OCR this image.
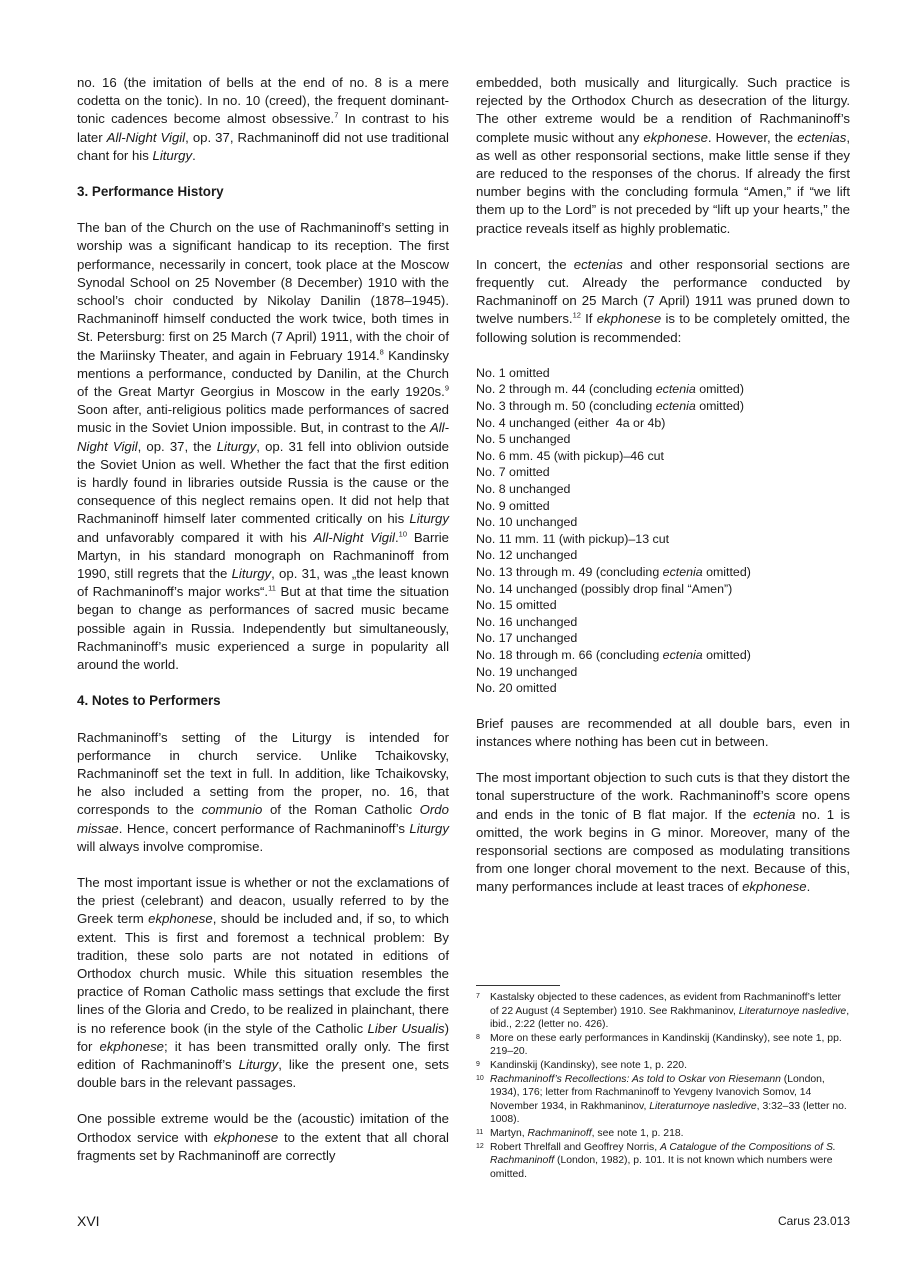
no. 16 (the imitation of bells at the end of no. 8 is a mere codetta on the tonic). In no. 10 (creed), the frequent dominant-tonic cadences become almost obsessive.$^7$ In contrast to his later All-Night Vigil, op. 37, Rachmaninoff did not use traditional chant for his Liturgy.

3. Performance History

The ban of the Church on the use of Rachmaninoff’s setting in worship was a significant handicap to its reception. The first performance, necessarily in concert, took place at the Moscow Synodal School on 25 November (8 December) 1910 with the school’s choir conducted by Nikolay Danilin (1878–1945). Rachmaninoff himself conducted the work twice, both times in St. Petersburg: first on 25 March (7 April) 1911, with the choir of the Mariinsky Theater, and again in February 1914.$^8$ Kandinsky mentions a performance, conducted by Danilin, at the Church of the Great Martyr Georgius in Moscow in the early 1920s.$^9$ Soon after, anti-religious politics made performances of sacred music in the Soviet Union impossible. But, in contrast to the All-Night Vigil, op. 37, the Liturgy, op. 31 fell into oblivion outside the Soviet Union as well. Whether the fact that the first edition is hardly found in libraries outside Russia is the cause or the consequence of this neglect remains open. It did not help that Rachmaninoff himself later commented critically on his Liturgy and unfavorably compared it with his All-Night Vigil.$^{10}$ Barrie Martyn, in his standard monograph on Rachmaninoff from 1990, still regrets that the Liturgy, op. 31, was „the least known of Rachmaninoff’s major works“.$^{11}$ But at that time the situation began to change as performances of sacred music became possible again in Russia. Independently but simultaneously, Rachmaninoff’s music experienced a surge in popularity all around the world.

4. Notes to Performers

Rachmaninoff’s setting of the Liturgy is intended for performance in church service. Unlike Tchaikovsky, Rachmaninoff set the text in full. In addition, like Tchaikovsky, he also included a setting from the proper, no. 16, that corresponds to the communio of the Roman Catholic Ordo missae. Hence, concert performance of Rachmaninoff’s Liturgy will always involve compromise.

The most important issue is whether or not the exclamations of the priest (celebrant) and deacon, usually referred to by the Greek term ekphonese, should be included and, if so, to which extent. This is first and foremost a technical problem: By tradition, these solo parts are not notated in editions of Orthodox church music. While this situation resembles the practice of Roman Catholic mass settings that exclude the first lines of the Gloria and Credo, to be realized in plainchant, there is no reference book (in the style of the Catholic Liber Usualis) for ekphonese; it has been transmitted orally only. The first edition of Rachmaninoff’s Liturgy, like the present one, sets double bars in the relevant passages.

One possible extreme would be the (acoustic) imitation of the Orthodox service with ekphonese to the extent that all choral fragments set by Rachmaninoff are correctly

embedded, both musically and liturgically. Such practice is rejected by the Orthodox Church as desecration of the liturgy. The other extreme would be a rendition of Rachmaninoff’s complete music without any ekphonese. However, the ectenias, as well as other responsorial sections, make little sense if they are reduced to the responses of the chorus. If already the first number begins with the concluding formula “Amen,” if “we lift them up to the Lord” is not preceded by “lift up your hearts,” the practice reveals itself as highly problematic.

In concert, the ectenias and other responsorial sections are frequently cut. Already the performance conducted by Rachmaninoff on 25 March (7 April) 1911 was pruned down to twelve numbers.$^{12}$ If ekphonese is to be completely omitted, the following solution is recommended:

No. 1 omitted
No. 2 through m. 44 (concluding ectenia omitted)
No. 3 through m. 50 (concluding ectenia omitted)
No. 4 unchanged (either  4a or 4b)
No. 5 unchanged
No. 6 mm. 45 (with pickup)–46 cut
No. 7 omitted
No. 8 unchanged
No. 9 omitted
No. 10 unchanged
No. 11 mm. 11 (with pickup)–13 cut
No. 12 unchanged
No. 13 through m. 49 (concluding ectenia omitted)
No. 14 unchanged (possibly drop final “Amen”)
No. 15 omitted
No. 16 unchanged
No. 17 unchanged
No. 18 through m. 66 (concluding ectenia omitted)
No. 19 unchanged
No. 20 omitted

Brief pauses are recommended at all double bars, even in instances where nothing has been cut in between.

The most important objection to such cuts is that they distort the tonal superstructure of the work. Rachmaninoff’s score opens and ends in the tonic of B flat major. If the ectenia no. 1 is omitted, the work begins in G minor. Moreover, many of the responsorial sections are composed as modulating transitions from one longer choral movement to the next. Because of this, many performances include at least traces of ekphonese.

7 Kastalsky objected to these cadences, as evident from Rachmaninoff’s letter of 22 August (4 September) 1910. See Rakhmaninov, Literaturnoye nasledive, ibid., 2:22 (letter no. 426).
8 More on these early performances in Kandinskij (Kandinsky), see note 1, pp. 219–20.
9 Kandinskij (Kandinsky), see note 1, p. 220.
10 Rachmaninoff’s Recollections: As told to Oskar von Riesemann (London, 1934), 176; letter from Rachmaninoff to Yevgeny Ivanovich Somov, 14 November 1934, in Rakhmaninov, Literaturnoye nasledive, 3:32–33 (letter no. 1008).
11 Martyn, Rachmaninoff, see note 1, p. 218.
12 Robert Threlfall and Geoffrey Norris, A Catalogue of the Compositions of S. Rachmaninoff (London, 1982), p. 101. It is not known which numbers were omitted.
XVI	Carus 23.013
